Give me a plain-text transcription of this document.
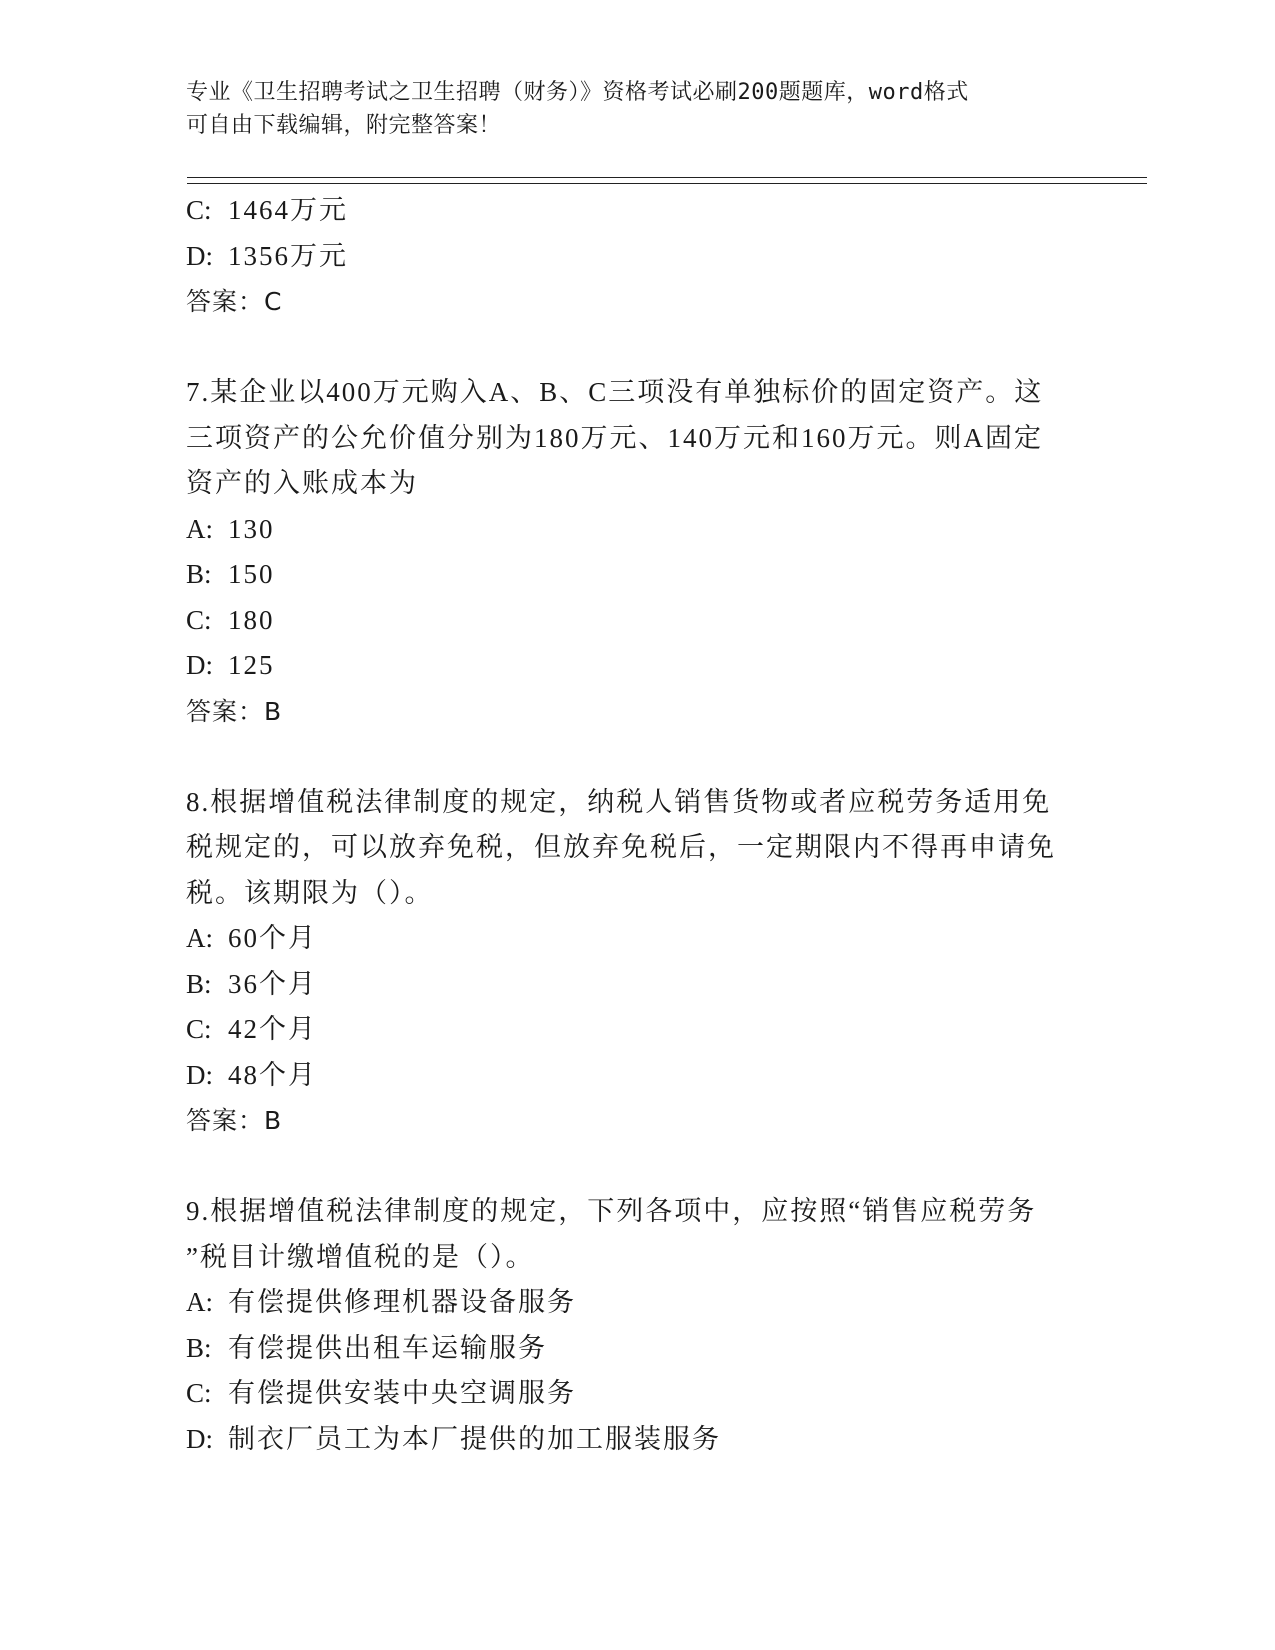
专业《卫生招聘考试之卫生招聘（财务）》资格考试必刷200题题库，word格式
可自由下载编辑，附完整答案！
C: 1464万元
D: 1356万元
答案：C
7.某企业以400万元购入A、B、C三项没有单独标价的固定资产。这
三项资产的公允价值分别为180万元、140万元和160万元。则A固定
资产的入账成本为
A: 130
B: 150
C: 180
D: 125
答案：B
8.根据增值税法律制度的规定，纳税人销售货物或者应税劳务适用免
税规定的，可以放弃免税，但放弃免税后，一定期限内不得再申请免
税。该期限为（）。
A: 60个月
B: 36个月
C: 42个月
D: 48个月
答案：B
9.根据增值税法律制度的规定，下列各项中，应按照“销售应税劳务
”税目计缴增值税的是（）。
A: 有偿提供修理机器设备服务
B: 有偿提供出租车运输服务
C: 有偿提供安装中央空调服务
D: 制衣厂员工为本厂提供的加工服装服务
